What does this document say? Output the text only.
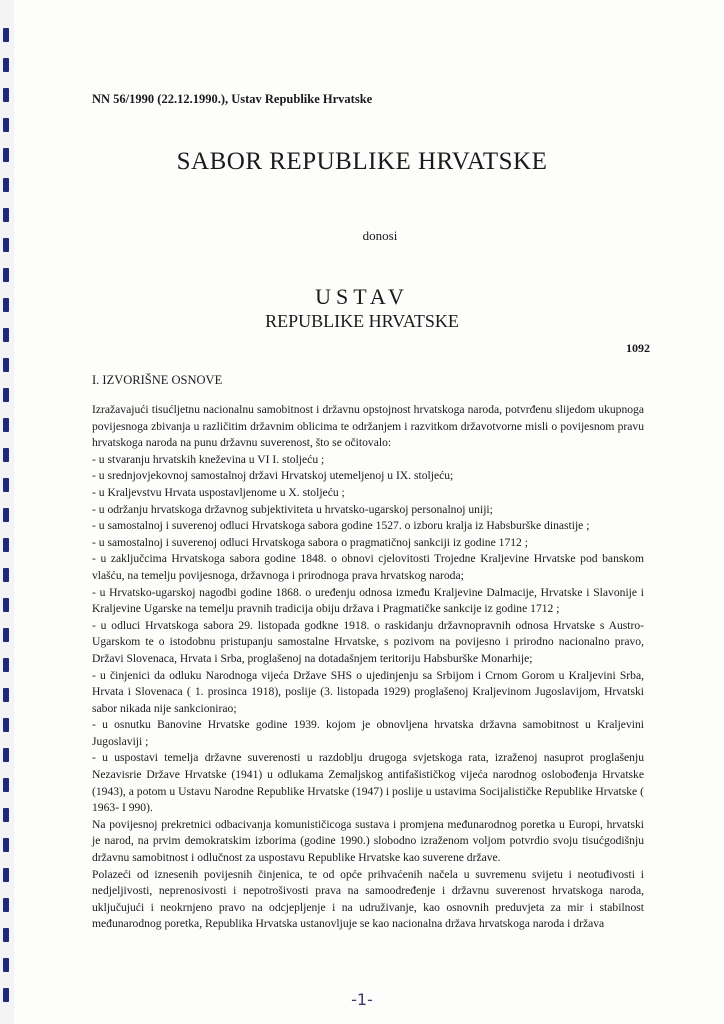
NN 56/1990 (22.12.1990.), Ustav Republike Hrvatske
SABOR REPUBLIKE HRVATSKE
donosi
USTAV
REPUBLIKE HRVATSKE
1092
I. IZVORIŠNE OSNOVE

Izražavajući tisućljetnu nacionalnu samobitnost i državnu opstojnost hrvatskoga naroda, potvrđenu slijedom ukupnoga povijesnoga zbivanja u različitim državnim oblicima te održanjem i razvitkom državotvorne misli o povijesnom pravu hrvatskoga naroda na punu državnu suverenost, što se očitovalo:

- u stvaranju hrvatskih kneževina u VI I. stoljeću ;

- u srednjovjekovnoj samostalnoj državi Hrvatskoj utemeljenoj u IX. stoljeću;

- u Kraljevstvu Hrvata uspostavljenome u X. stoljeću ;

- u održanju hrvatskoga državnog subjektiviteta u hrvatsko-ugarskoj personalnoj uniji;

- u samostalnoj i suverenoj odluci Hrvatskoga sabora godine 1527. o izboru kralja iz Habsburške dinastije ;

- u samostalnoj i suverenoj odluci Hrvatskoga sabora o pragmatičnoj sankciji iz godine 1712 ;

- u zaključcima Hrvatskoga sabora godine 1848. o obnovi cjelovitosti Trojedne Kraljevine Hrvatske pod banskom vlašću, na temelju povijesnoga, državnoga i prirodnoga prava hrvatskog naroda;

- u Hrvatsko-ugarskoj nagodbi godine 1868. o uređenju odnosa između Kraljevine Dalmacije, Hrvatske i Slavonije i Kraljevine Ugarske na temelju pravnih tradicija obiju država i Pragmatičke sankcije iz godine 1712 ;

- u odluci Hrvatskoga sabora 29. listopada godkne 1918. o raskidanju državnopravnih odnosa Hrvatske s Austro-Ugarskom te o istodobnu pristupanju samostalne Hrvatske, s pozivom na povijesno i prirodno nacionalno pravo, Državi Slovenaca, Hrvata i Srba, proglašenoj na dotadašnjem teritoriju Habsburške Monarhije;

- u činjenici da odluku Narodnoga vijeća Države SHS o ujedinjenju sa Srbijom i Crnom Gorom u Kraljevini Srba, Hrvata i Slovenaca ( 1. prosinca 1918), poslije (3. listopada 1929) proglašenoj Kraljevinom Jugoslavijom, Hrvatski sabor nikada nije sankcionirao;

- u osnutku Banovine Hrvatske godine 1939. kojom je obnovljena hrvatska državna samobitnost u Kraljevini Jugoslaviji ;

- u uspostavi temelja državne suverenosti u razdoblju drugoga svjetskoga rata, izraženoj nasuprot proglašenju Nezavisrie Države Hrvatske (1941) u odlukama Zemaljskog antifašističkog vijeća narodnog oslobođenja Hrvatske (1943), a potom u Ustavu Narodne Republike Hrvatske (1947) i poslije u ustavima Socijalističke Republike Hrvatske ( 1963- I 990).

Na povijesnoj prekretnici odbacivanja komunističicoga sustava i promjena međunarodnog poretka u Europi, hrvatski je narod, na prvim demokratskim izborima (godine 1990.) slobodno izraženom voljom potvrdio svoju tisućgodišnju državnu samobitnost i odlučnost za uspostavu Republike Hrvatske kao suverene države.

Polazeći od iznesenih povijesnih činjenica, te od opće prihvaćenih načela u suvremenu svijetu i neotuđivosti i nedjeljivosti, neprenosivosti i nepotrošivosti prava na samoodređenje i državnu suverenost hrvatskoga naroda, uključujući i neokrnjeno pravo na odcjepljenje i na udruživanje, kao osnovnih preduvjeta za mir i stabilnost međunarodnog poretka, Republika Hrvatska ustanovljuje se kao nacionalna država hrvatskoga naroda i država

-1-
